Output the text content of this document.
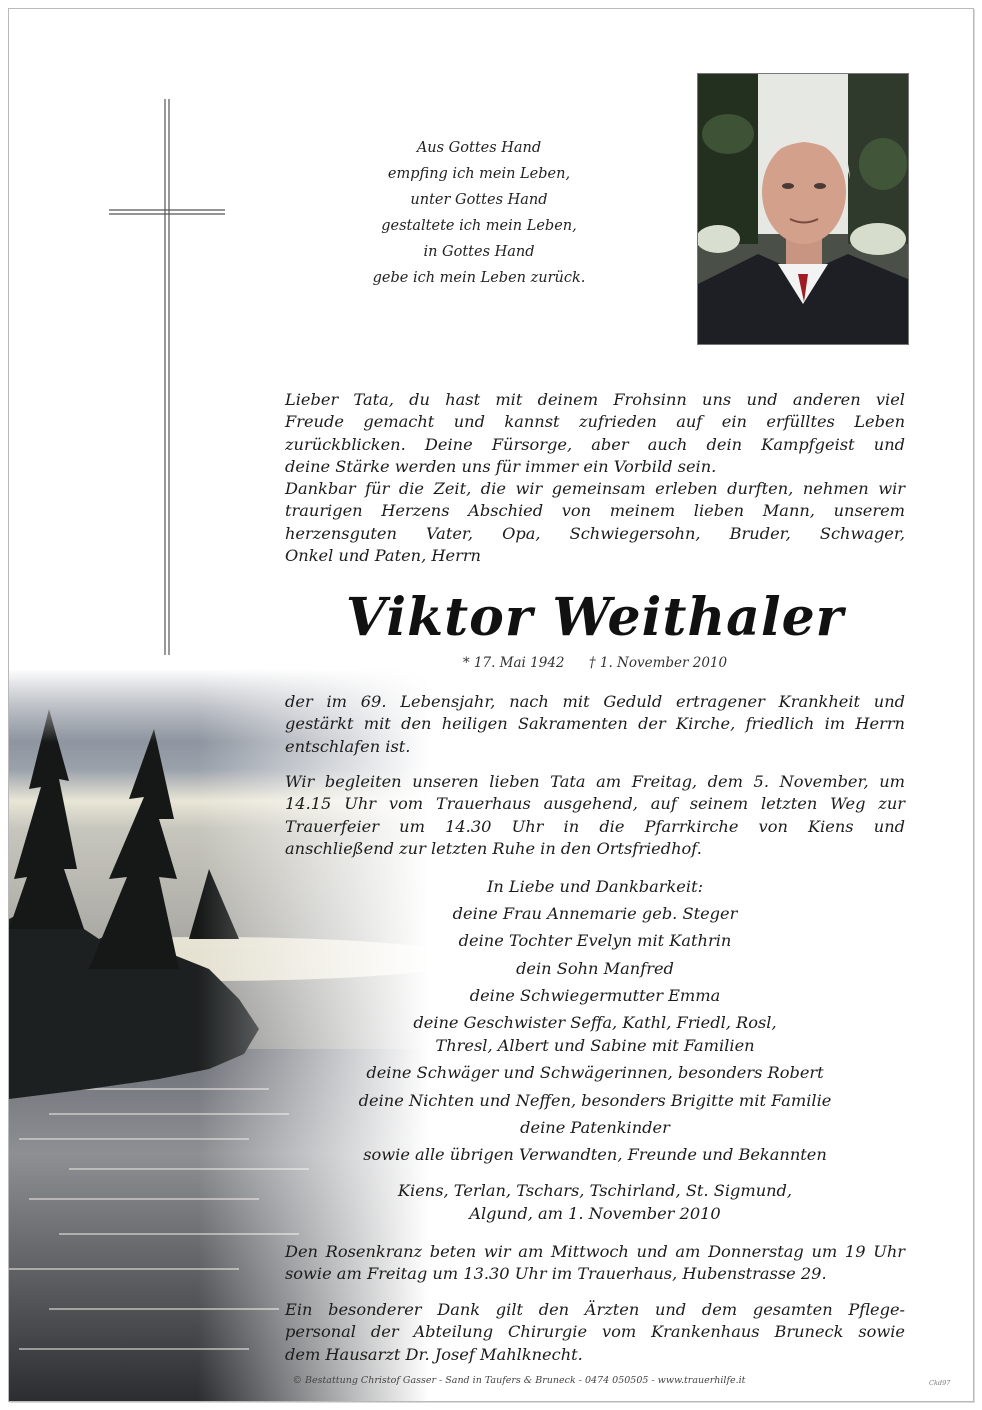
Aus Gottes Hand
empfing ich mein Leben,
unter Gottes Hand
gestaltete ich mein Leben,
in Gottes Hand
gebe ich mein Leben zurück.
Lieber Tata, du hast mit deinem Frohsinn uns und anderen viel
Freude gemacht und kannst zufrieden auf ein erfülltes Leben
zurückblicken. Deine Fürsorge, aber auch dein Kampfgeist und
deine Stärke werden uns für immer ein Vorbild sein.
Dankbar für die Zeit, die wir gemeinsam erleben durften, nehmen wir
traurigen Herzens Abschied von meinem lieben Mann, unserem
herzensguten Vater, Opa, Schwiegersohn, Bruder, Schwager,
Onkel und Paten, Herrn
Viktor Weithaler
* 17. Mai 1942 † 1. November 2010
der im 69. Lebensjahr, nach mit Geduld ertragener Krankheit und
gestärkt mit den heiligen Sakramenten der Kirche, friedlich im Herrn
entschlafen ist.
Wir begleiten unseren lieben Tata am Freitag, dem 5. November, um
14.15 Uhr vom Trauerhaus ausgehend, auf seinem letzten Weg zur
Trauerfeier um 14.30 Uhr in die Pfarrkirche von Kiens und
anschließend zur letzten Ruhe in den Ortsfriedhof.
In Liebe und Dankbarkeit:
deine Frau Annemarie geb. Steger
deine Tochter Evelyn mit Kathrin
dein Sohn Manfred
deine Schwiegermutter Emma
deine Geschwister Seffa, Kathl, Friedl, Rosl,
Thresl, Albert und Sabine mit Familien
deine Schwäger und Schwägerinnen, besonders Robert
deine Nichten und Neffen, besonders Brigitte mit Familie
deine Patenkinder
sowie alle übrigen Verwandten, Freunde und Bekannten
Kiens, Terlan, Tschars, Tschirland, St. Sigmund,
Algund, am 1. November 2010
Den Rosenkranz beten wir am Mittwoch und am Donnerstag um 19 Uhr
sowie am Freitag um 13.30 Uhr im Trauerhaus, Hubenstrasse 29.
Ein besonderer Dank gilt den Ärzten und dem gesamten Pflege-
personal der Abteilung Chirurgie vom Krankenhaus Bruneck sowie
dem Hausarzt Dr. Josef Mahlknecht.
© Bestattung Christof Gasser - Sand in Taufers & Bruneck - 0474 050505 - www.trauerhilfe.it	Ckd97
